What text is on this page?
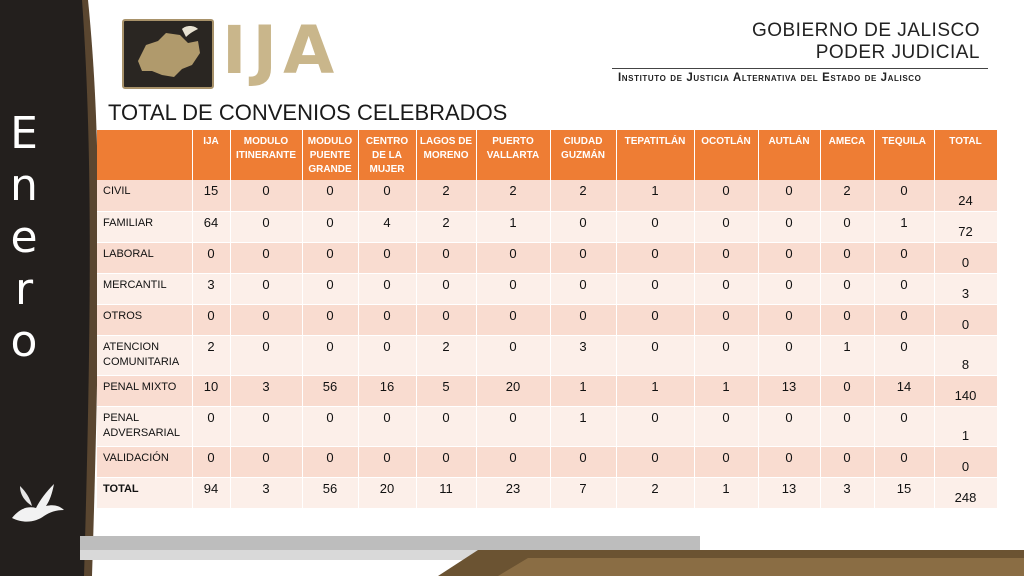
E
n
e
r
o
IJA	GOBIERNO DE JALISCO
PODER JUDICIAL
Instituto de Justicia Alternativa del Estado de Jalisco
TOTAL DE CONVENIOS CELEBRADOS
	IJA	MODULO ITINERANTE	MODULO PUENTE GRANDE	CENTRO DE LA MUJER	LAGOS DE MORENO	PUERTO VALLARTA	CIUDAD GUZMÁN	TEPATITLÁN	OCOTLÁN	AUTLÁN	AMECA	TEQUILA	TOTAL
CIVIL	15	0	0	0	2	2	2	1	0	0	2	0	24
FAMILIAR	64	0	0	4	2	1	0	0	0	0	0	1	72
LABORAL	0	0	0	0	0	0	0	0	0	0	0	0	0
MERCANTIL	3	0	0	0	0	0	0	0	0	0	0	0	3
OTROS	0	0	0	0	0	0	0	0	0	0	0	0	0
ATENCION COMUNITARIA	2	0	0	0	2	0	3	0	0	0	1	0	8
PENAL MIXTO	10	3	56	16	5	20	1	1	1	13	0	14	140
PENAL ADVERSARIAL	0	0	0	0	0	0	1	0	0	0	0	0	1
VALIDACIÓN	0	0	0	0	0	0	0	0	0	0	0	0	0
TOTAL	94	3	56	20	11	23	7	2	1	13	3	15	248
